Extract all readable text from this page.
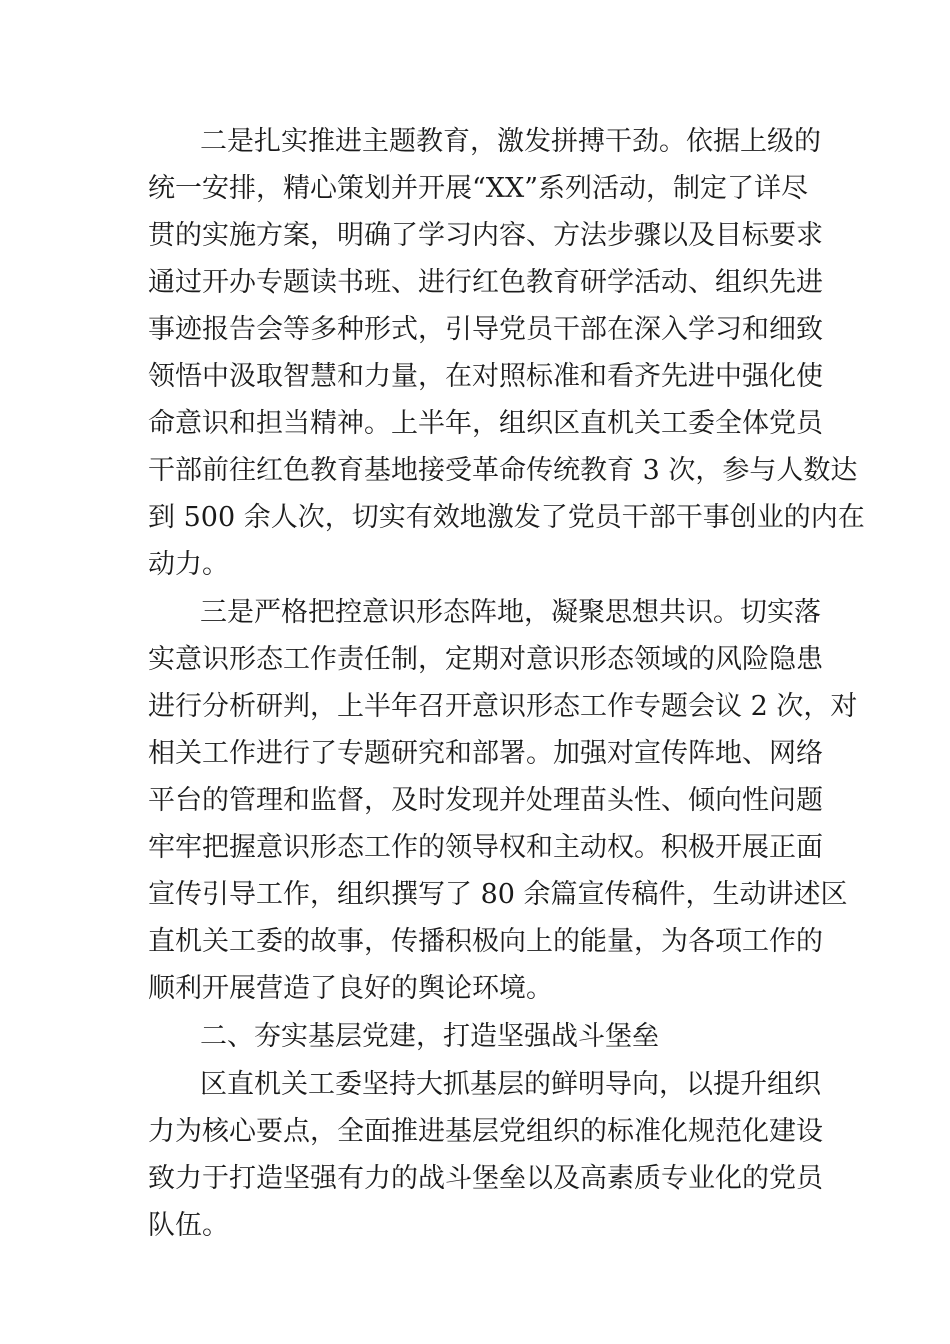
二是扎实推进主题教育，激发拼搏干劲。依据上级的
统一安排，精心策划并开展“XX”系列活动，制定了详尽
贯的实施方案，明确了学习内容、方法步骤以及目标要求
通过开办专题读书班、进行红色教育研学活动、组织先进
事迹报告会等多种形式，引导党员干部在深入学习和细致
领悟中汲取智慧和力量，在对照标准和看齐先进中强化使
命意识和担当精神。上半年，组织区直机关工委全体党员
干部前往红色教育基地接受革命传统教育 3 次，参与人数达
到 500 余人次，切实有效地激发了党员干部干事创业的内在
动力。
三是严格把控意识形态阵地，凝聚思想共识。切实落
实意识形态工作责任制，定期对意识形态领域的风险隐患
进行分析研判，上半年召开意识形态工作专题会议 2 次，对
相关工作进行了专题研究和部署。加强对宣传阵地、网络
平台的管理和监督，及时发现并处理苗头性、倾向性问题
牢牢把握意识形态工作的领导权和主动权。积极开展正面
宣传引导工作，组织撰写了 80 余篇宣传稿件，生动讲述区
直机关工委的故事，传播积极向上的能量，为各项工作的
顺利开展营造了良好的舆论环境。
二、夯实基层党建，打造坚强战斗堡垒
区直机关工委坚持大抓基层的鲜明导向，以提升组织
力为核心要点，全面推进基层党组织的标准化规范化建设
致力于打造坚强有力的战斗堡垒以及高素质专业化的党员
队伍。
